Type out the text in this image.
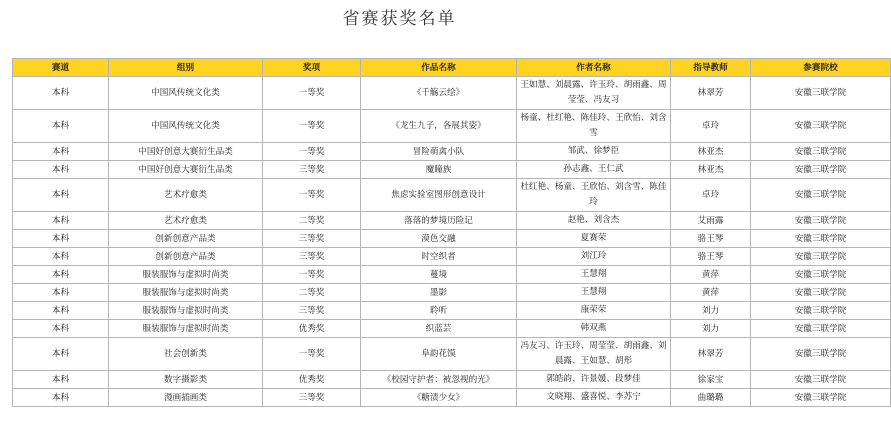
省赛获奖名单
赛道	组别	奖项	作品名称	作者名称	指导教师	参赛院校
本科	中国风传统文化类	一等奖	《千觞云绘》	王如慧、刘晨露、许玉玲、胡雨鑫、周莹莹、冯友习	林翠芳	安徽三联学院
本科	中国风传统文化类	一等奖	《龙生九子，各展其姿》	杨童、杜红艳、陈佳玲、王欣怡、刘含雪	卓玲	安徽三联学院
本科	中国好创意大赛衍生品类	一等奖	冒险萌禽小队	邹武、徐梦臣	林亚杰	安徽三联学院
本科	中国好创意大赛衍生品类	三等奖	魔瞳族	孙志鑫、王仁武	林亚杰	安徽三联学院
本科	艺术疗愈类	一等奖	焦虑实验室图形创意设计	杜红艳、杨童、王欣怡、刘含雪、陈佳玲	卓玲	安徽三联学院
本科	艺术疗愈类	二等奖	落落的梦境历险记	赵艳、刘含杰	艾雨露	安徽三联学院
本科	创新创意产品类	三等奖	漠色交融	夏赛荣	骆王琴	安徽三联学院
本科	创新创意产品类	三等奖	时空织者	刘江玲	骆王琴	安徽三联学院
本科	服装服饰与虚拟时尚类	一等奖	蔓境	王慧翔	黄萍	安徽三联学院
本科	服装服饰与虚拟时尚类	二等奖	墨影	王慧翔	黄萍	安徽三联学院
本科	服装服饰与虚拟时尚类	三等奖	聆听	康荣荣	刘力	安徽三联学院
本科	服装服饰与虚拟时尚类	优秀奖	织蓝芸	韩双燕	刘力	安徽三联学院
本科	社会创新类	一等奖	阜韵花馍	冯友习、许玉玲、周莹莹、胡雨鑫、刘晨露、王如慧、胡彤	林翠芳	安徽三联学院
本科	数字摄影类	优秀奖	《校园守护者：被忽视的光》	郭皓韵、许景媛、段梦佳	徐家宝	安徽三联学院
本科	漫画插画类	三等奖	《糖渍少女》	文晓翔、盛喜悦、李苏宁	曲璐璐	安徽三联学院
